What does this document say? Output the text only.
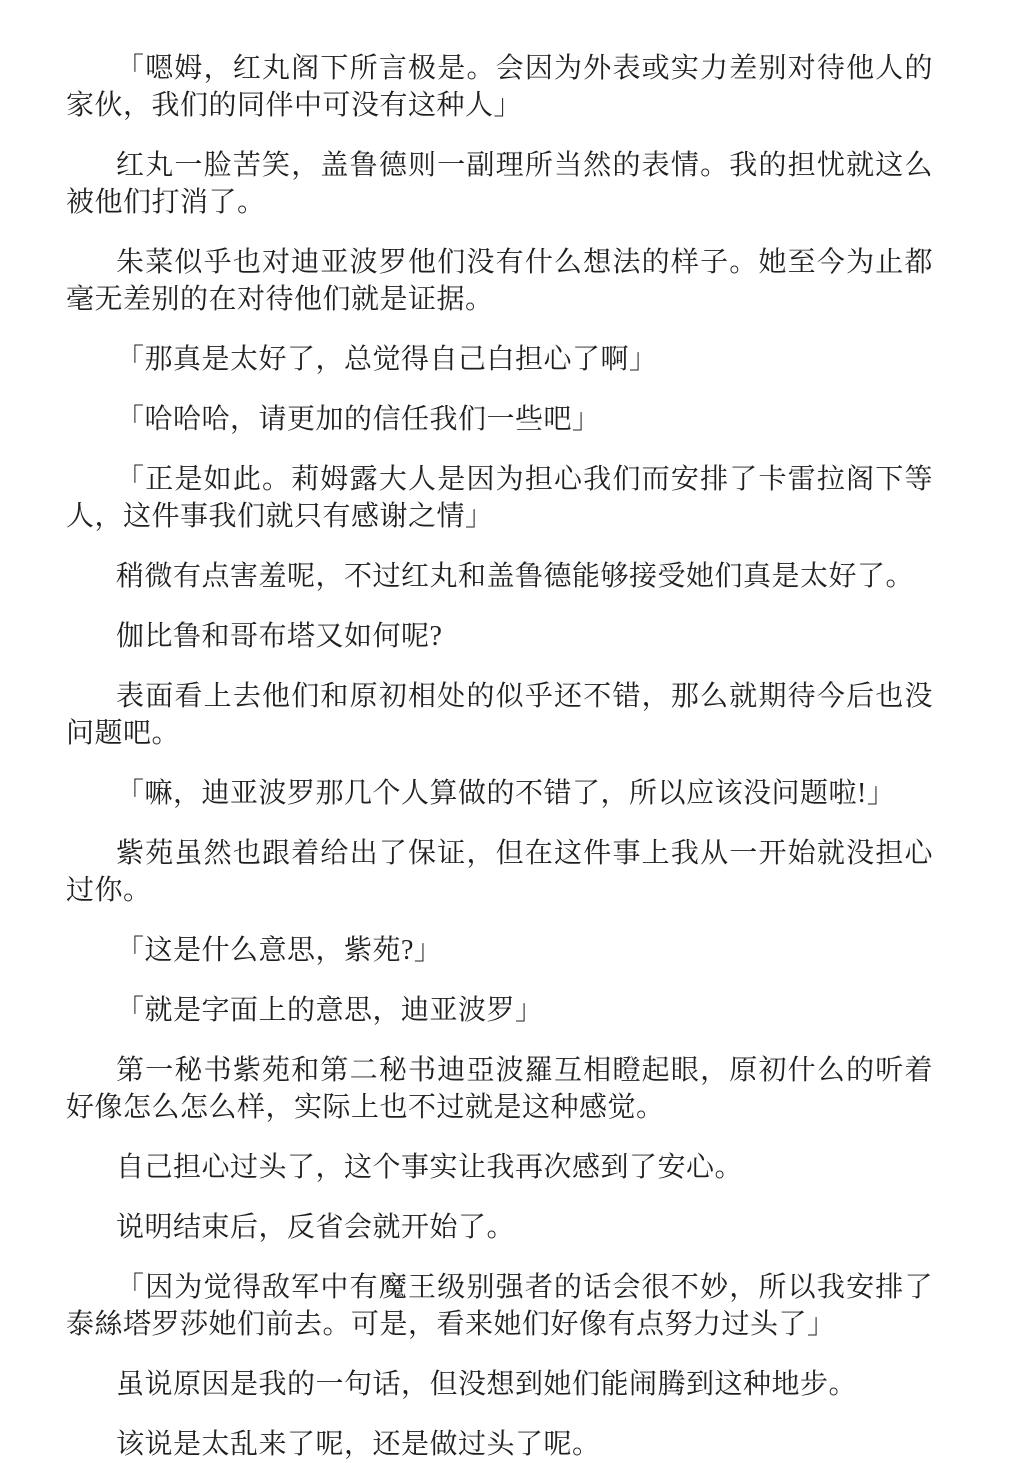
「嗯姆，红丸阁下所言极是。会因为外表或实力差别对待他人的家伙，我们的同伴中可没有这种人」

红丸一脸苦笑，盖鲁德则一副理所当然的表情。我的担忧就这么被他们打消了。

朱菜似乎也对迪亚波罗他们没有什么想法的样子。她至今为止都毫无差别的在对待他们就是证据。

「那真是太好了，总觉得自己白担心了啊」

「哈哈哈，请更加的信任我们一些吧」

「正是如此。莉姆露大人是因为担心我们而安排了卡雷拉阁下等人，这件事我们就只有感谢之情」

稍微有点害羞呢，不过红丸和盖鲁德能够接受她们真是太好了。

伽比鲁和哥布塔又如何呢?

表面看上去他们和原初相处的似乎还不错，那么就期待今后也没问题吧。

「嘛，迪亚波罗那几个人算做的不错了，所以应该没问题啦!」

紫苑虽然也跟着给出了保证，但在这件事上我从一开始就没担心过你。

「这是什么意思，紫苑?」

「就是字面上的意思，迪亚波罗」

第一秘书紫苑和第二秘书迪亞波羅互相瞪起眼，原初什么的听着好像怎么怎么样，实际上也不过就是这种感觉。

自己担心过头了，这个事实让我再次感到了安心。

说明结束后，反省会就开始了。

「因为觉得敌军中有魔王级别强者的话会很不妙，所以我安排了泰絲塔罗莎她们前去。可是，看来她们好像有点努力过头了」

虽说原因是我的一句话，但没想到她们能闹腾到这种地步。

该说是太乱来了呢，还是做过头了呢。
